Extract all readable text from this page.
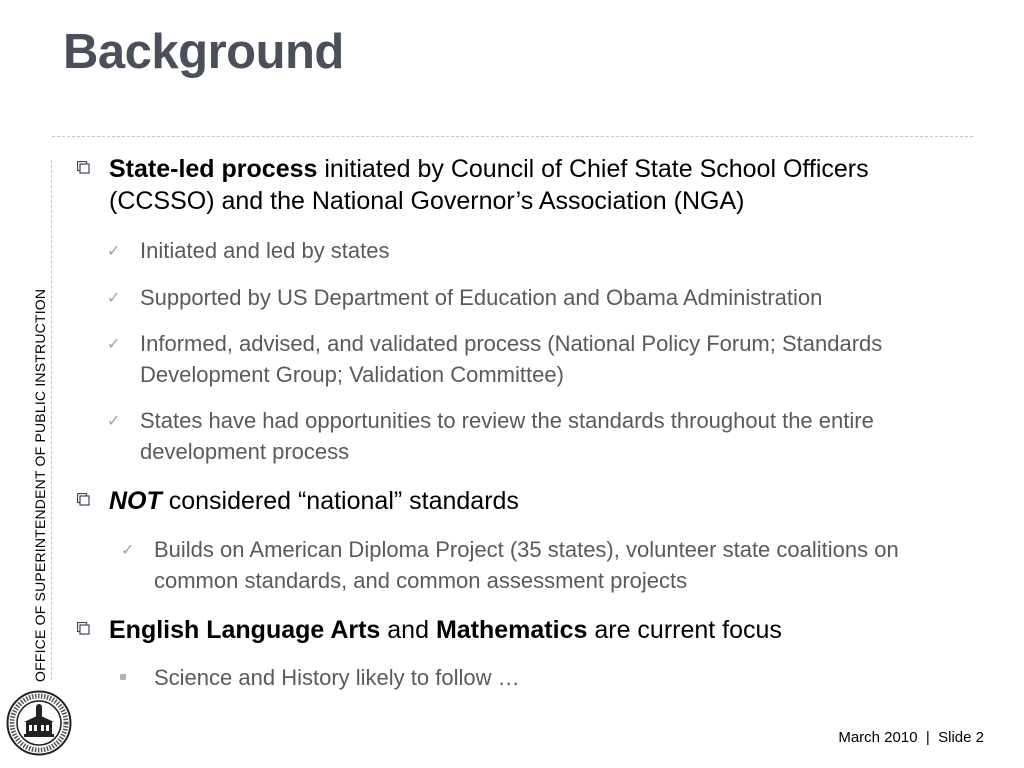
Background
OFFICE OF SUPERINTENDENT OF PUBLIC INSTRUCTION
State-led process initiated by Council of Chief State School Officers (CCSSO) and the National Governor’s Association (NGA)
✓ Initiated and led by states
✓ Supported by US Department of Education and Obama Administration
✓ Informed, advised, and validated process (National Policy Forum; Standards Development Group; Validation Committee)
✓ States have had opportunities to review the standards throughout the entire development process
NOT considered “national” standards
✓ Builds on American Diploma Project (35 states), volunteer state coalitions on common standards, and common assessment projects
English Language Arts and Mathematics are current focus
Science and History likely to follow …
March 2010  |  Slide 2
